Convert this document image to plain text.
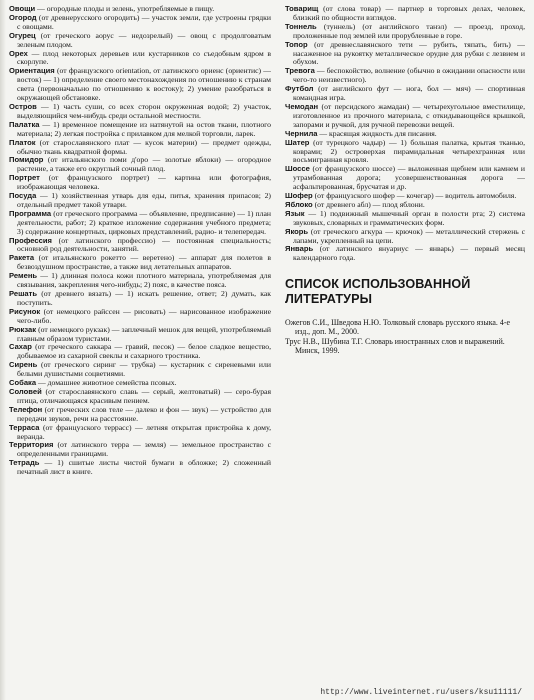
Овощи — огородные плоды и зелень, употребляемые в пищу.

Огород (от древнерусского огородить) — участок земли, где устроены грядки с овощами.

Огурец (от греческого aoрус — недозрелый) — овощ с продолговатым зеленым плодом.

Орех — плод некоторых деревьев или кустарников со съедобным ядром в скорлупе.

Ориентация (от французского orientation, от латинского ориенс (ориентис) — восток) — 1) определение своего местонахождения по отношению к странам света (первоначально по отношению к востоку); 2) умение разобраться в окружающей обстановке.

Остров — 1) часть суши, со всех сторон окруженная водой; 2) участок, выделяющийся чем-нибудь среди остальной местности.

Палатка — 1) временное помещение из натянутой на остов ткани, плотного материала; 2) легкая постройка с прилавком для мелкой торговли, ларек.

Платок (от старославянского плат — кусок материи) — предмет одежды, обычно ткань квадратной формы.

Помидор (от итальянского поми д'оро — золотые яблоки) — огородное растение, а также его округлый сочный плод.

Портрет (от французского портрет) — картина или фотография, изображающая человека.

Посуда — 1) хозяйственная утварь для еды, питья, хранения припасов; 2) отдельный предмет такой утвари.

Программа (от греческого программа — объявление, предписание) — 1) план деятельности, работ; 2) краткое изложение содержания учебного предмета; 3) содержание концертных, цирковых представлений, радио- и телепередач.

Профессия (от латинского профессио) — постоянная специальность; основной род деятельности, занятий.

Ракета (от итальянского рокетто — веретено) — аппарат для полетов в безвоздушном пространстве, а также вид летательных аппаратов.

Ремень — 1) длинная полоса кожи плотного материала, употребляемая для связывания, закрепления чего-нибудь; 2) пояс, в качестве пояса.

Решать (от древнего вязать) — 1) искать решение, ответ; 2) думать, как поступить.

Рисунок (от немецкого райссен — рисовать) — нарисованное изображение чего-либо.

Рюкзак (от немецкого рукзак) — заплечный мешок для вещей, употребляемый главным образом туристами.

Сахар (от греческого саккара — гравий, песок) — белое сладкое вещество, добываемое из сахарной свеклы и сахарного тростника.

Сирень (от греческого сиринг — трубка) — кустарник с сиреневыми или белыми душистыми соцветиями.

Собака — домашнее животное семейства псовых.

Соловей (от старославянского славь — серый, желтоватый) — серо-бурая птица, отличающаяся красивым пением.

Телефон (от греческих слов теле — далеко и фон — звук) — устройство для передачи звуков, речи на расстояние.

Терраса (от французского террасс) — летняя открытая пристройка к дому, веранда.

Территория (от латинского терра — земля) — земельное пространство с определенными границами.

Тетрадь — 1) сшитые листы чистой бумаги в обложке; 2) сложенный печатный лист в книге.

Товарищ (от слова товар) — партнер в торговых делах, человек, близкий по общности взглядов.

Тоннель (туннель) (от английского танэл) — проезд, проход, проложенные под землей или прорубленные в горе.

Топор (от древнеславянского тети — рубить, тяпать, бить) — насаженное на рукоятку металлическое орудие для рубки с лезвием и обухом.

Тревога — беспокойство, волнение (обычно в ожидании опасности или чего-то неизвестного).

Футбол (от английского фут — нога, бол — мяч) — спортивная командная игра.

Чемодан (от персидского жамадан) — четырехугольное вместилище, изготовленное из прочного материала, с откидывающейся крышкой, запорами и ручкой, для ручной перевозки вещей.

Чернила — красящая жидкость для писания.

Шатер (от турецкого чадыр) — 1) большая палатка, крытая тканью, коврами; 2) островерхая пирамидальная четырехгранная или восьмигранная кровля.

Шоссе (от французского шоссе) — выложенная щебнем или камнем и утрамбованная дорога; усовершенствованная дорога — асфальтированная, брусчатая и др.

Шофер (от французского шофер — кочегар) — водитель автомобиля.

Яблоко (от древнего абл) — плод яблони.

Язык — 1) подвижный мышечный орган в полости рта; 2) система звуковых, словарных и грамматических форм.

Якорь (от греческого агкура — крючок) — металлический стержень с лапами, укрепленный на цепи.

Январь (от латинского януариус — январь) — первый месяц календарного года.

СПИСОК ИСПОЛЬЗОВАННОЙ ЛИТЕРАТУРЫ

Ожегов С.И., Шведова Н.Ю. Толковый словарь русского языка. 4-е изд., доп. М., 2000.

Трус Н.В., Шубина Т.Г. Словарь иностранных слов и выражений. Минск, 1999.

http://www.liveinternet.ru/users/ksu11111/
